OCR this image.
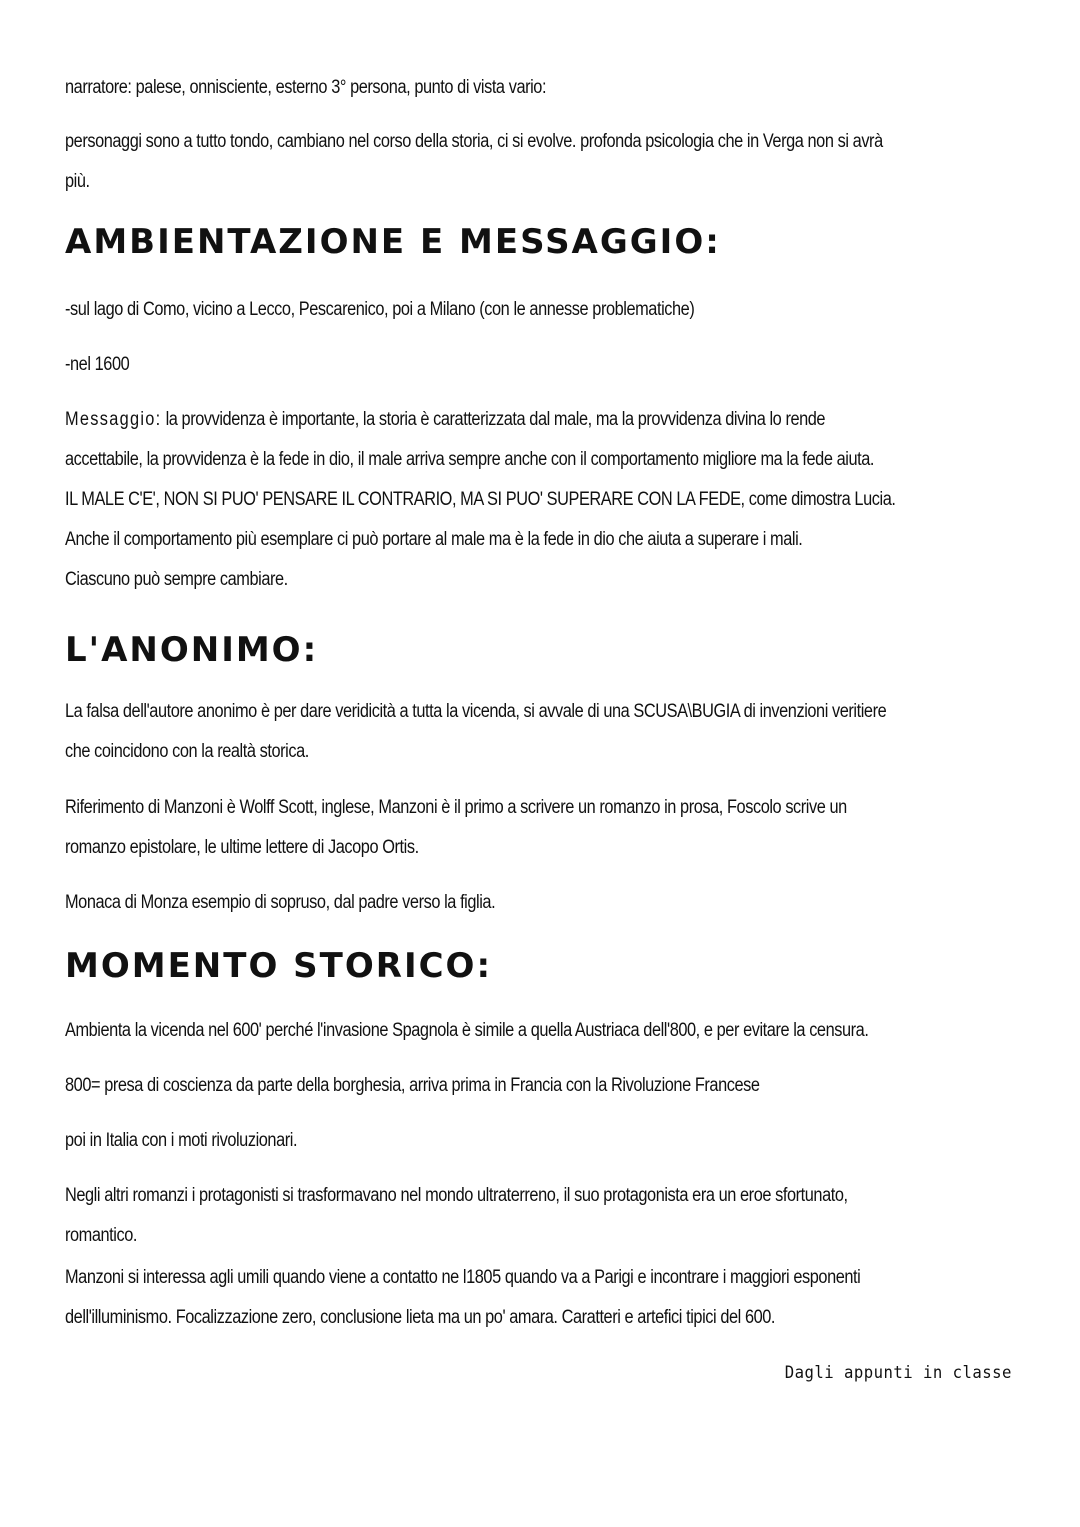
narratore: palese, onnisciente, esterno 3° persona, punto di vista vario:

personaggi sono a tutto tondo, cambiano nel corso della storia, ci si evolve. profonda psicologia che in Verga non si avrà
più.

AMBIENTAZIONE E MESSAGGIO:

-sul lago di Como, vicino a Lecco, Pescarenico, poi a Milano (con le annesse problematiche)

-nel 1600

Messaggio: la provvidenza è importante, la storia è caratterizzata dal male, ma la provvidenza divina lo rende
accettabile, la provvidenza è la fede in dio, il male arriva sempre anche con il comportamento migliore ma la fede aiuta.
IL MALE C'E', NON SI PUO' PENSARE IL CONTRARIO, MA SI PUO' SUPERARE CON LA FEDE, come dimostra Lucia.
Anche il comportamento più esemplare ci può portare al male ma è la fede in dio che aiuta a superare i mali.
Ciascuno può sempre cambiare.

L'ANONIMO:

La falsa dell'autore anonimo è per dare veridicità a tutta la vicenda, si avvale di una SCUSA\BUGIA di invenzioni veritiere
che coincidono con la realtà storica.

Riferimento di Manzoni è Wolff Scott, inglese, Manzoni è il primo a scrivere un romanzo in prosa, Foscolo scrive un
romanzo epistolare, le ultime lettere di Jacopo Ortis.

Monaca di Monza esempio di sopruso, dal padre verso la figlia.

MOMENTO STORICO:

Ambienta la vicenda nel 600' perché l'invasione Spagnola è simile a quella Austriaca dell'800, e per evitare la censura.

800= presa di coscienza da parte della borghesia, arriva prima in Francia con la Rivoluzione Francese

poi in Italia con i moti rivoluzionari.

Negli altri romanzi i protagonisti si trasformavano nel mondo ultraterreno, il suo protagonista era un eroe sfortunato,
romantico.

Manzoni si interessa agli umili quando viene a contatto ne l1805 quando va a Parigi e incontrare i maggiori esponenti
dell'illuminismo. Focalizzazione zero, conclusione lieta ma un po' amara. Caratteri e artefici tipici del 600.

Dagli appunti in classe
